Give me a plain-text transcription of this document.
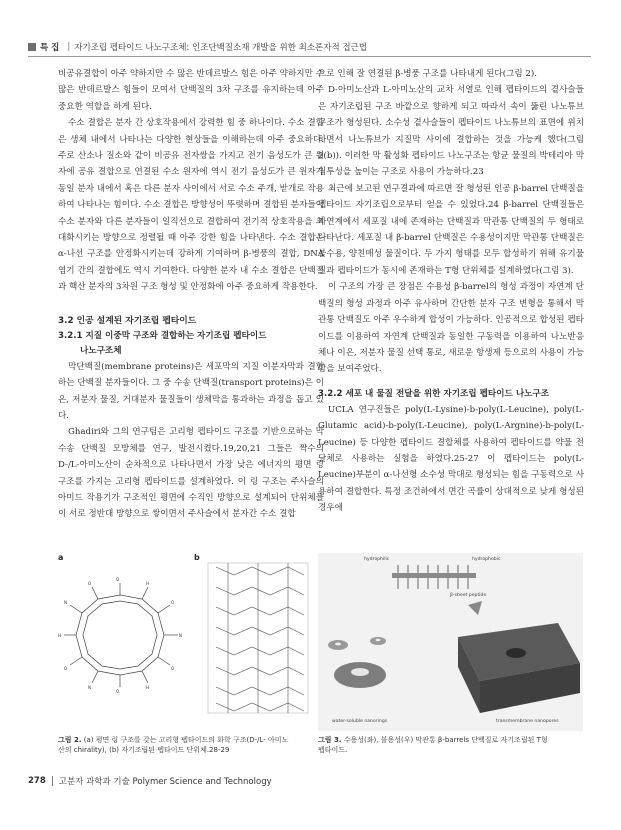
특 집 | 자기조립 펩타이드 나노구조체: 인조단백질소재 개발을 위한 최소론자적 접근법

비공유결합이 아주 약하지만 수 많은 반데르발스 힘은 아주 약하지만 수 많은 반데르발스 힘들이 모여서 단백질의 3차 구조를 유지하는데 아주 중요한 역할을 하게 된다.

수소 결합은 분자 간 상호작용에서 강력한 힘 중 하나이다. 수소 결합은 생체 내에서 나타나는 다양한 현상들을 이해하는데 아주 중요하다. 주로 산소나 질소와 같이 비공유 전자쌍을 가지고 전기 음성도가 큰 원자에 공유 결합으로 연결된 수소 원자에 역시 전기 음성도가 큰 원자가 동일 분자 내에서 혹은 다른 분자 사이에서 서로 수소 주개, 받개로 작용하여 나타나는 힘이다. 수소 결합은 방향성이 뚜렷하며 결합된 분자들이 수소 분자와 다른 분자들이 일직선으로 결합하여 전기적 상호작용을 최대화시키는 방향으로 정렬될 때 아주 강한 힘을 나타낸다. 수소 결합은 α-나선 구조를 안정화시키는데 강하게 기여하며 β-병풍의 결합, DNA 염기 간의 결합에도 역시 기여한다. 다양한 분자 내 수소 결합은 단백질과 핵산 분자의 3차원 구조 형성 및 안정화에 아주 중요하게 작용한다.

3.2 인공 설계된 자기조립 펩타이드
3.2.1 지질 이중막 구조와 결합하는 자기조립 펩타이드
나노구조체

막단백질(membrane proteins)은 세포막의 지질 이분자막과 결합하는 단백질 분자들이다. 그 중 수송 단백질(transport proteins)은 이온, 저분자 물질, 거대분자 물질들이 생체막을 통과하는 과정을 돕고 있다.

Ghadiri와 그의 연구팀은 고리형 펩타이드 구조를 기반으로하는 막 수송 단백질 모방체를 연구, 발전시켰다.19,20,21 그들은 짝수의 D-/L-아미노산이 순차적으로 나타나면서 가장 낮은 에너지의 평면 링 구조를 가지는 고리형 펩타이드를 설계하였다. 이 링 구조는 주사슬의 아미드 작용기가 구조적인 평면에 수직인 방향으로 설계되어 단위체들이 서로 정반대 방향으로 쌓이면서 주사슬에서 분자간 수소 결합

으로 인해 잘 연결된 β-병풍 구조를 나타내게 된다(그림 2).

D-아미노산과 L-아미노산의 교차 서열로 인해 펩타이드의 곁사슬들은 자기조립된 구조 바깥으로 향하게 되고 따라서 속이 뚫린 나노튜브 구조가 형성된다. 소수성 곁사슬들이 펩타이드 나노튜브의 표면에 위치하면서 나노튜브가 지질막 사이에 결합하는 것을 가능케 했다(그림 2(b)). 이러한 막 활성화 펩타이드 나노구조는 항균 물질의 박테리아 막 침투성을 높이는 구조로 사용이 가능하다.23

최근에 보고된 연구결과에 따르면 잘 형성된 인공 β-barrel 단백질을 펩타이드 자기조립으로부터 얻을 수 있었다.24 β-barrel 단백질들은 자연계에서 세포질 내에 존재하는 단백질과 막관통 단백질의 두 형태로 나타난다. 세포질 내 β-barrel 단백질은 수용성이지만 막관통 단백질은 불수용, 양친매성 물질이다. 두 가지 형태를 모두 합성하기 위해 유기물질과 펩타이드가 동시에 존재하는 T형 단위체를 설계하였다(그림 3).

이 구조의 가장 큰 장점은 수용성 β-barrel의 형성 과정이 자연계 단백질의 형성 과정과 아주 유사하며 간단한 분자 구조 변형을 통해서 막관통 단백질도 아주 우수하게 합성이 가능하다. 인공적으로 합성된 펩타이드를 이용하여 자연계 단백질과 동일한 구동력을 이용하여 나노반응체나 이온, 저분자 물질 선택 통로, 새로운 항생제 등으로의 사용이 가능함을 보여주었다.

3.2.2 세포 내 물질 전달을 위한 자기조립 펩타이드 나노구조

UCLA 연구진들은 poly(L-Lysine)-b-poly(L-Leucine), poly(L-Glutamic acid)-b-poly(L-Leucine), poly(L-Argnine)-b-poly(L-Leucine) 등 다양한 펩타이드 결합체를 사용하여 펩타이드를 약물 전달체로 사용하는 실험을 하였다.25-27 이 펩타이드는 poly(L-Leucine)부분이 α-나선형 소수성 막대로 형성되는 힘을 구동력으로 사용하여 결합한다. 특정 조건하에서 면간 곡률이 상대적으로 낮게 형성된 경우에

a	b
O
H
O
N
O
H
O
N
O
H
N
O
그림 2. (a) 평면 링 구조를 갖는 고리형 펩타이드의 화학 구조(D-/L- 아미노
산의 chirality), (b) 자기조립된 펩타이드 단위체.28-29
hydrophilic	hydrophobic
β-sheet peptide
water-soluble nanorings	transmembrane nanopores
그림 3. 수용성(좌), 불용성(우) 막관통 β-barrels 단백질로 자기조립된 T형
펩타이드.
278 고분자 과학과 기술 Polymer Science and Technology
